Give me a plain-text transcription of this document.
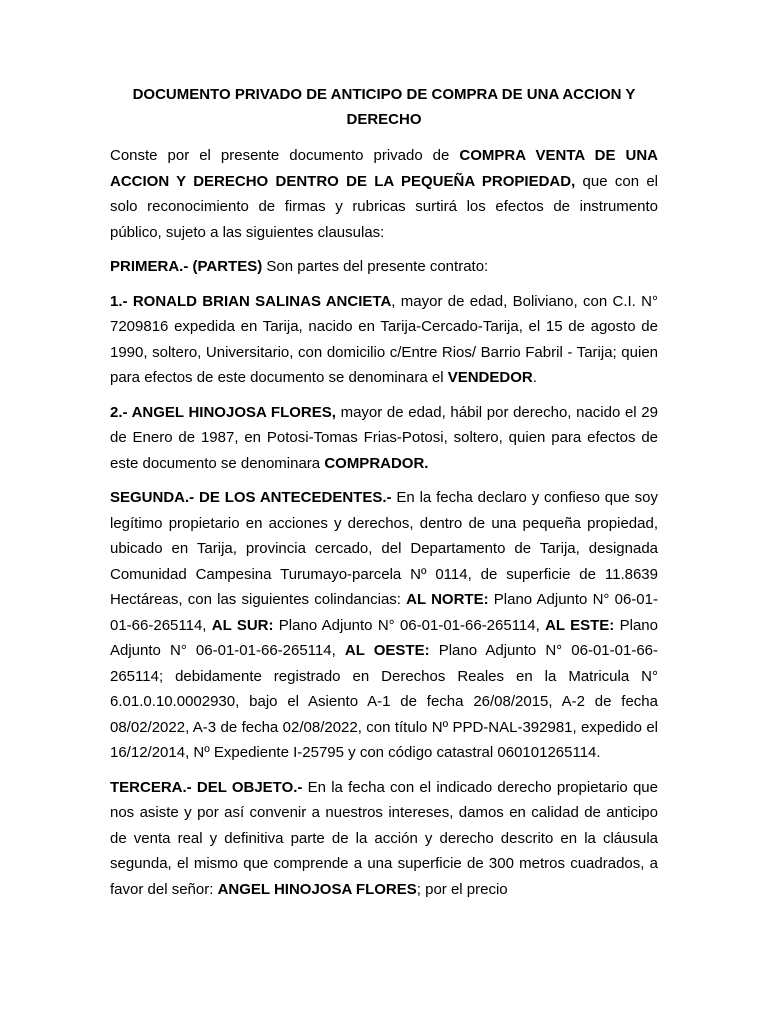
DOCUMENTO PRIVADO DE ANTICIPO DE COMPRA DE UNA ACCION Y DERECHO

Conste por el presente documento privado de COMPRA VENTA DE UNA ACCION Y DERECHO DENTRO DE LA PEQUEÑA PROPIEDAD, que con el solo reconocimiento de firmas y rubricas surtirá los efectos de instrumento público, sujeto a las siguientes clausulas:

PRIMERA.- (PARTES) Son partes del presente contrato:

1.- RONALD BRIAN SALINAS ANCIETA, mayor de edad, Boliviano, con C.I. N° 7209816 expedida en Tarija, nacido en Tarija-Cercado-Tarija, el 15 de agosto de 1990, soltero, Universitario, con domicilio c/Entre Rios/ Barrio Fabril - Tarija; quien para efectos de este documento se denominara el VENDEDOR.

2.- ANGEL HINOJOSA FLORES, mayor de edad, hábil por derecho, nacido el 29 de Enero de 1987, en Potosi-Tomas Frias-Potosi, soltero, quien para efectos de este documento se denominara COMPRADOR.

SEGUNDA.- DE LOS ANTECEDENTES.- En la fecha declaro y confieso que soy legítimo propietario en acciones y derechos, dentro de una pequeña propiedad, ubicado en Tarija, provincia cercado, del Departamento de Tarija, designada Comunidad Campesina Turumayo-parcela Nº 0114, de superficie de 11.8639 Hectáreas, con las siguientes colindancias: AL NORTE: Plano Adjunto N° 06-01-01-66-265114, AL SUR: Plano Adjunto N° 06-01-01-66-265114, AL ESTE: Plano Adjunto N° 06-01-01-66-265114, AL OESTE: Plano Adjunto N° 06-01-01-66-265114; debidamente registrado en Derechos Reales en la Matricula N° 6.01.0.10.0002930, bajo el Asiento A-1 de fecha 26/08/2015, A-2 de fecha 08/02/2022, A-3 de fecha 02/08/2022, con título Nº PPD-NAL-392981, expedido el 16/12/2014, Nº Expediente I-25795 y con código catastral 060101265114.

TERCERA.- DEL OBJETO.- En la fecha con el indicado derecho propietario que nos asiste y por así convenir a nuestros intereses, damos en calidad de anticipo de venta real y definitiva parte de la acción y derecho descrito en la cláusula segunda, el mismo que comprende a una superficie de 300 metros cuadrados, a favor del señor: ANGEL HINOJOSA FLORES; por el precio
